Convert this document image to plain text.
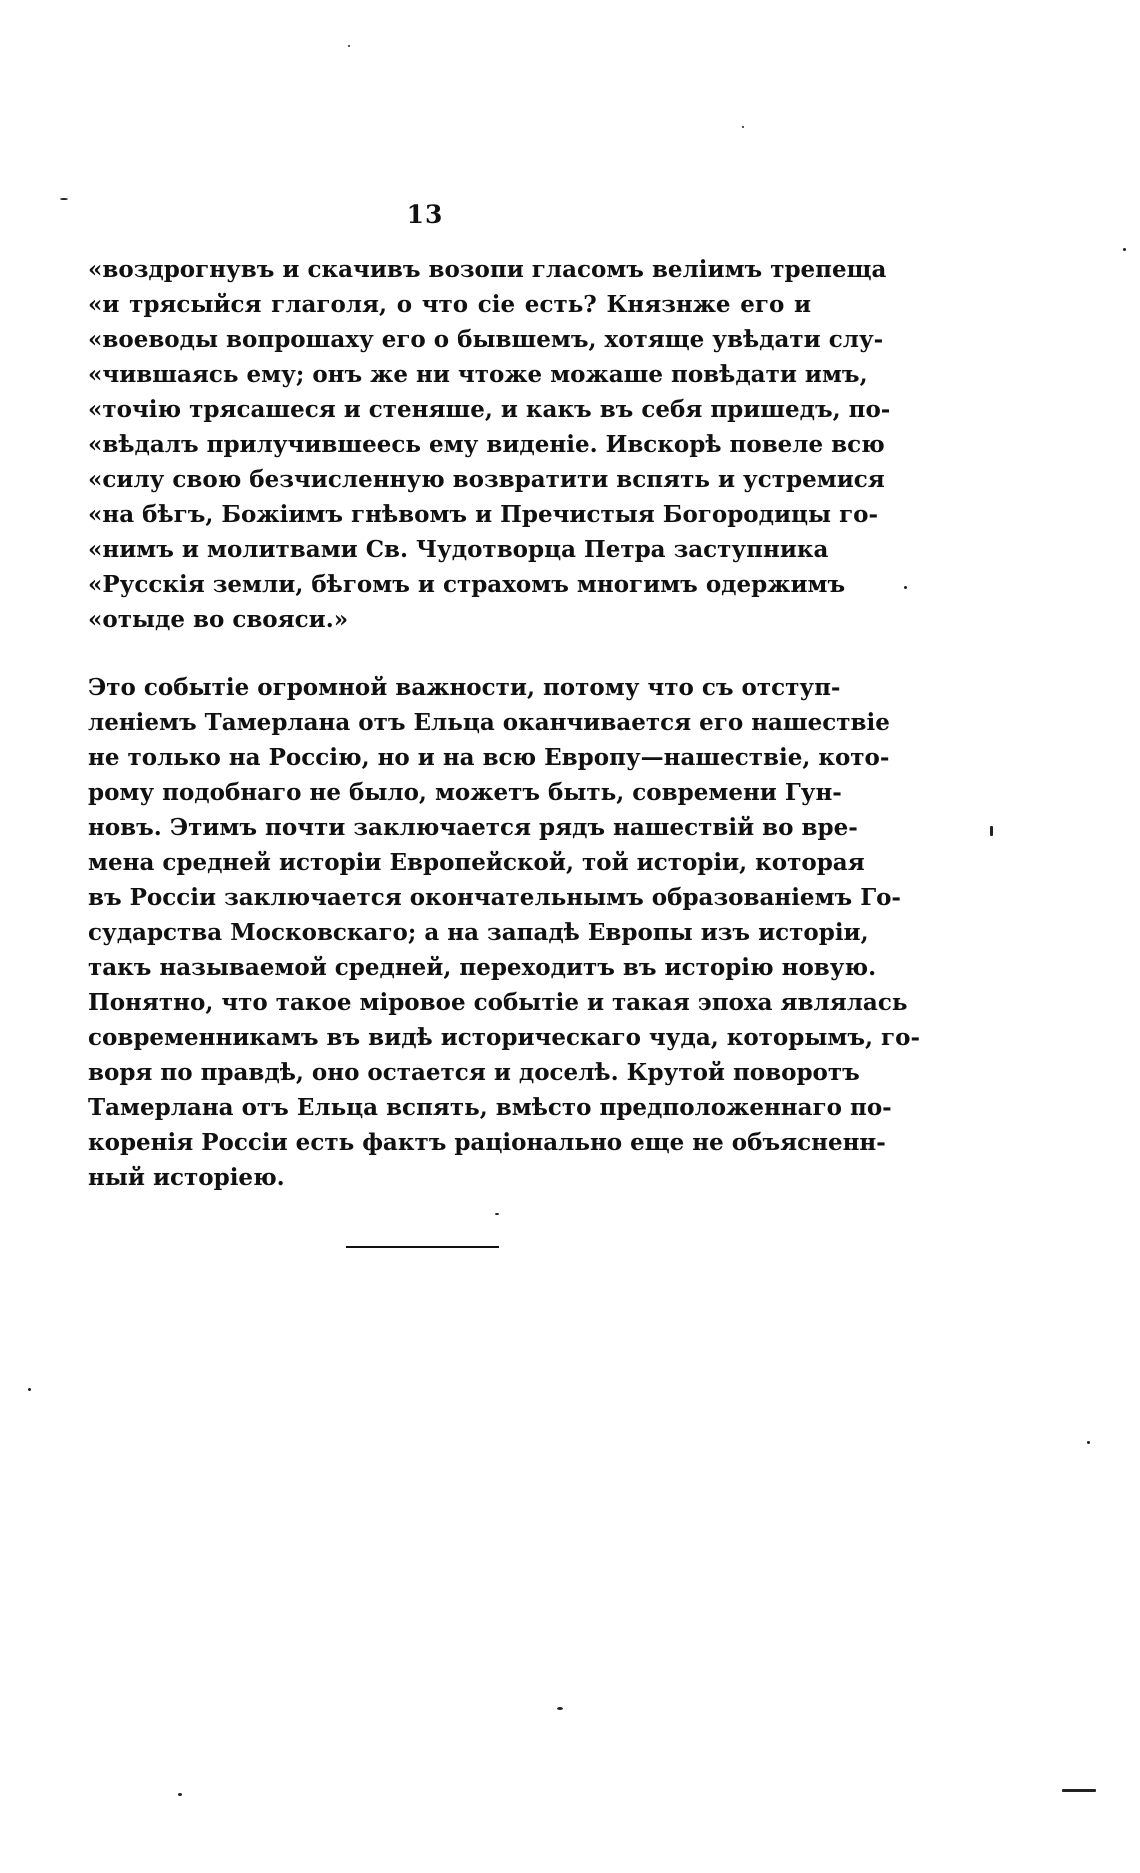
13
«воздрогнувъ и скачивъ возопи гласомъ веліимъ трепеща
«и трясыйся глаголя, о что сіе есть? Князнже его и
«воеводы вопрошаху его о бывшемъ, хотяще увѣдати слу-
«чившаясь ему; онъ же ни чтоже можаше повѣдати имъ,
«точію трясашеся и стеняше, и какъ въ себя пришедъ, по-
«вѣдалъ прилучившеесь ему виденіе. Ивскорѣ повеле всю
«силу свою безчисленную возвратити вспять и устремися
«на бѣгъ, Божіимъ гнѣвомъ и Пречистыя Богородицы го-
«нимъ и молитвами Св. Чудотворца Петра заступника
«Русскія земли, бѣгомъ и страхомъ многимъ одержимъ
«отыде во свояси.»
Это событіе огромной важности, потому что съ отступ-
леніемъ Тамерлана отъ Ельца оканчивается его нашествіе
не только на Россію, но и на всю Европу—нашествіе, кото-
рому подобнаго не было, можетъ быть, современи Гун-
новъ. Этимъ почти заключается рядъ нашествій во вре-
мена средней исторіи Европейской, той исторіи, которая
въ Россіи заключается окончательнымъ образованіемъ Го-
сударства Московскаго; а на западѣ Европы изъ исторіи,
такъ называемой средней, переходитъ въ исторію новую.
Понятно, что такое міровое событіе и такая эпоха являлась
современникамъ въ видѣ историческаго чуда, которымъ, го-
воря по правдѣ, оно остается и доселѣ. Крутой поворотъ
Тамерлана отъ Ельца вспять, вмѣсто предположеннаго по-
коренія Россіи есть фактъ раціонально еще не объясненн-
ный исторіею.
